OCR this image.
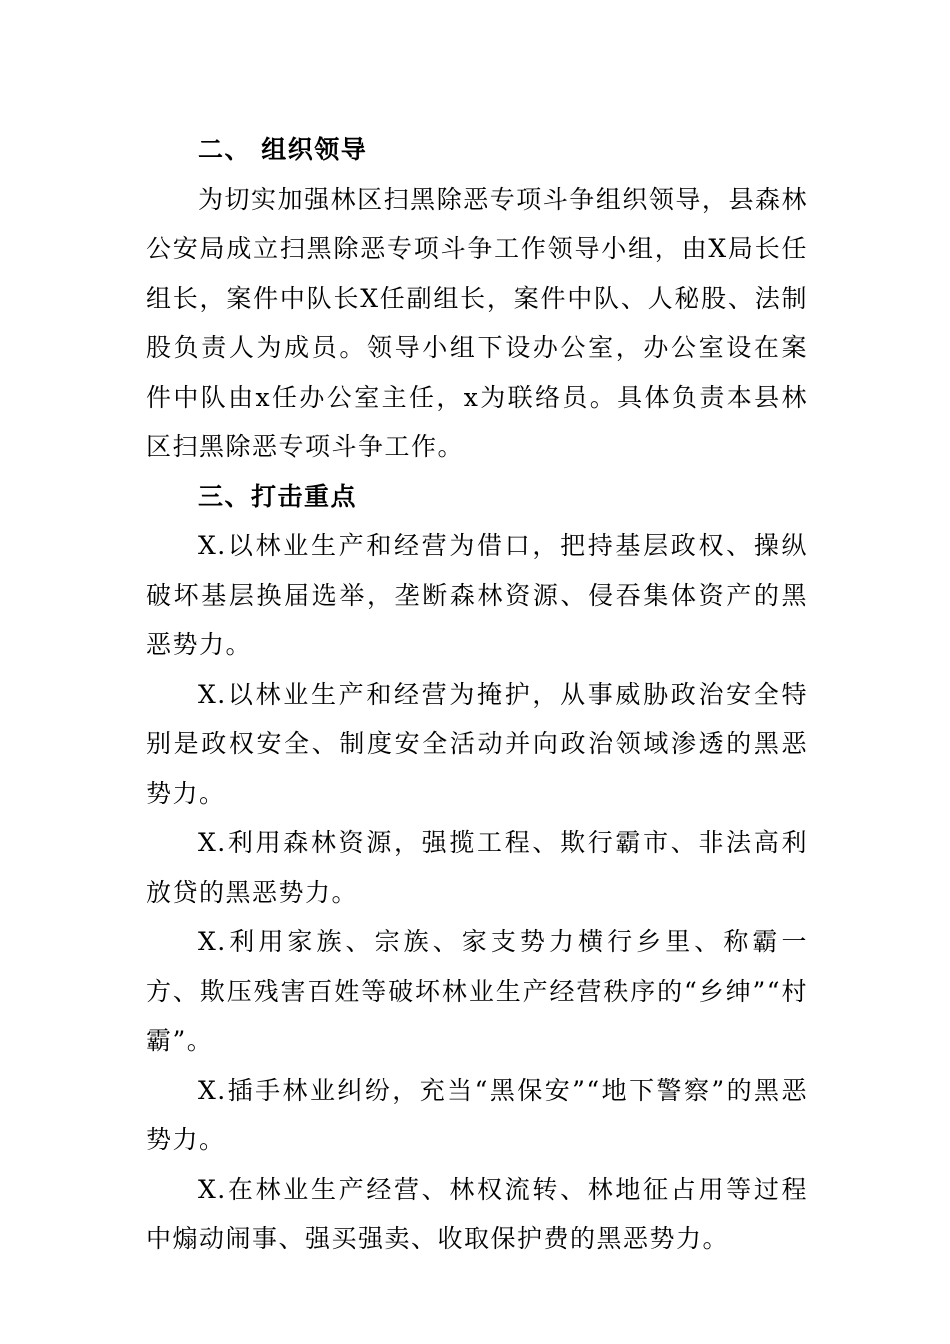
二、 组织领导

为切实加强林区扫黑除恶专项斗争组织领导，县森林公安局成立扫黑除恶专项斗争工作领导小组，由X局长任组长，案件中队长X任副组长，案件中队、人秘股、法制股负责人为成员。领导小组下设办公室，办公室设在案件中队由x任办公室主任，x为联络员。具体负责本县林区扫黑除恶专项斗争工作。

三、打击重点

X.以林业生产和经营为借口，把持基层政权、操纵破坏基层换届选举，垄断森林资源、侵吞集体资产的黑恶势力。

X.以林业生产和经营为掩护，从事威胁政治安全特别是政权安全、制度安全活动并向政治领域渗透的黑恶势力。

X.利用森林资源，强揽工程、欺行霸市、非法高利放贷的黑恶势力。

X.利用家族、宗族、家支势力横行乡里、称霸一方、欺压残害百姓等破坏林业生产经营秩序的“乡绅”“村霸”。

X.插手林业纠纷，充当“黑保安”“地下警察”的黑恶势力。

X.在林业生产经营、林权流转、林地征占用等过程中煽动闹事、强买强卖、收取保护费的黑恶势力。
